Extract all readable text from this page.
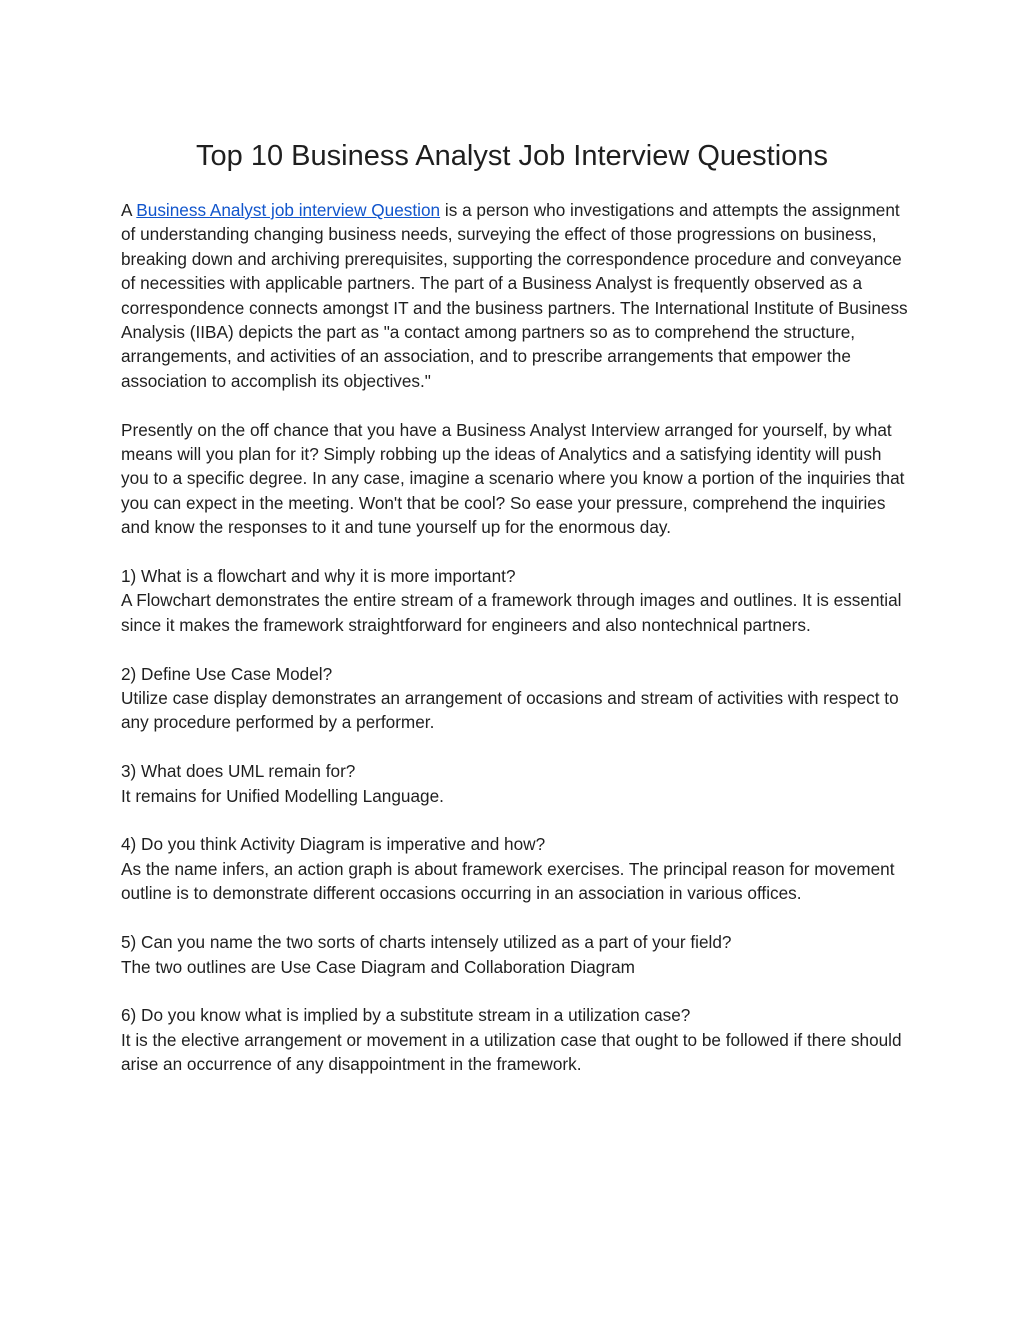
Top 10 Business Analyst Job Interview Questions

A Business Analyst job interview Question is a person who investigations and attempts the assignment of understanding changing business needs, surveying the effect of those progressions on business, breaking down and archiving prerequisites, supporting the correspondence procedure and conveyance of necessities with applicable partners. The part of a Business Analyst is frequently observed as a correspondence connects amongst IT and the business partners. The International Institute of Business Analysis (IIBA) depicts the part as "a contact among partners so as to comprehend the structure, arrangements, and activities of an association, and to prescribe arrangements that empower the association to accomplish its objectives."

Presently on the off chance that you have a Business Analyst Interview arranged for yourself, by what means will you plan for it? Simply robbing up the ideas of Analytics and a satisfying identity will push you to a specific degree. In any case, imagine a scenario where you know a portion of the inquiries that you can expect in the meeting. Won't that be cool? So ease your pressure, comprehend the inquiries and know the responses to it and tune yourself up for the enormous day.

1) What is a flowchart and why it is more important?

A Flowchart demonstrates the entire stream of a framework through images and outlines. It is essential since it makes the framework straightforward for engineers and also nontechnical partners.

2) Define Use Case Model?

Utilize case display demonstrates an arrangement of occasions and stream of activities with respect to any procedure performed by a performer.

3) What does UML remain for?

It remains for Unified Modelling Language.

4) Do you think Activity Diagram is imperative and how?

As the name infers, an action graph is about framework exercises. The principal reason for movement outline is to demonstrate different occasions occurring in an association in various offices.

5) Can you name the two sorts of charts intensely utilized as a part of your field?

The two outlines are Use Case Diagram and Collaboration Diagram

6) Do you know what is implied by a substitute stream in a utilization case?

It is the elective arrangement or movement in a utilization case that ought to be followed if there should arise an occurrence of any disappointment in the framework.
